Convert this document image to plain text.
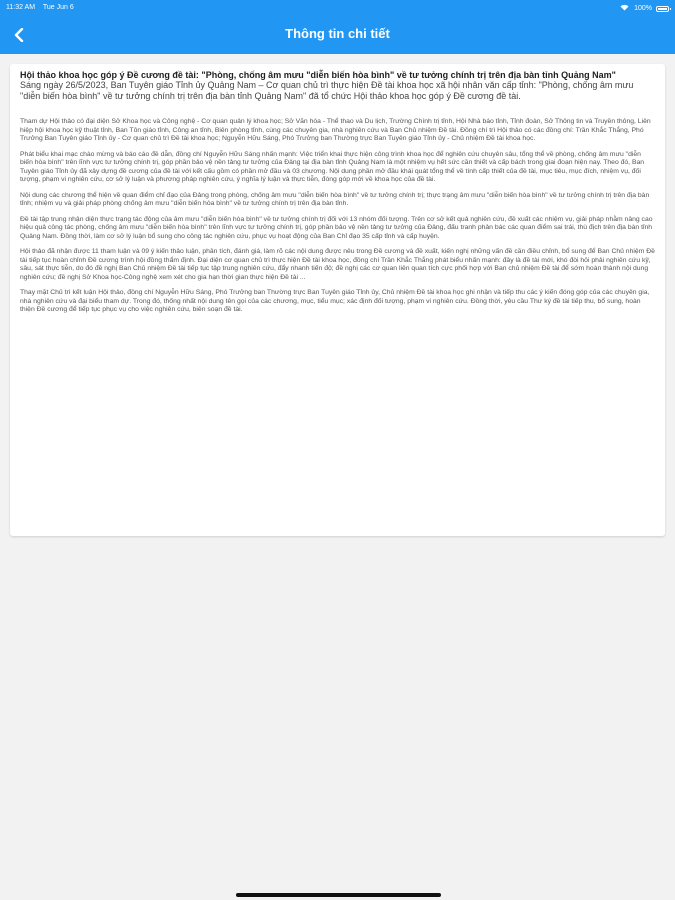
11:32 AM Tue Jun 6	100%
Thông tin chi tiết
Hội thảo khoa học góp ý Đề cương đề tài: "Phòng, chống âm mưu "diễn biến hòa bình" về tư tưởng chính trị trên địa bàn tỉnh Quảng Nam"

Sáng ngày 26/5/2023, Ban Tuyên giáo Tỉnh ủy Quảng Nam – Cơ quan chủ trì thực hiện Đề tài khoa học xã hội nhân văn cấp tỉnh: "Phòng, chống âm mưu "diễn biến hòa bình" về tư tưởng chính trị trên địa bàn tỉnh Quảng Nam" đã tổ chức Hội thảo khoa học góp ý Đề cương đề tài.

Tham dự Hội thảo có đại diện Sở Khoa học và Công nghệ - Cơ quan quản lý khoa học; Sở Văn hóa - Thể thao và Du lịch, Trường Chính trị tỉnh, Hội Nhà báo tỉnh, Tỉnh đoàn, Sở Thông tin và Truyền thông, Liên hiệp hội khoa học kỹ thuật tỉnh, Ban Tôn giáo tỉnh, Công an tỉnh, Biên phòng tỉnh, cùng các chuyên gia, nhà nghiên cứu và Ban Chủ nhiệm Đề tài. Đồng chí trì Hội thảo có các đồng chí: Trần Khắc Thắng, Phó Trưởng Ban Tuyên giáo Tỉnh ủy - Cơ quan chủ trì Đề tài khoa học; Nguyễn Hữu Sáng, Phó Trưởng ban Thường trực Ban Tuyên giáo Tỉnh ủy - Chủ nhiệm Đề tài khoa học.

Phát biểu khai mạc chào mừng và báo cáo đề dẫn, đồng chí Nguyễn Hữu Sáng nhấn mạnh: Việc triển khai thực hiện công trình khoa học để nghiên cứu chuyên sâu, tổng thể về phòng, chống âm mưu "diễn biến hòa bình" trên lĩnh vực tư tưởng chính trị, góp phần bảo vệ nền tảng tư tưởng của Đảng tại địa bàn tỉnh Quảng Nam là một nhiệm vụ hết sức cần thiết và cấp bách trong giai đoạn hiện nay. Theo đó, Ban Tuyên giáo Tỉnh ủy đã xây dựng đề cương của đề tài với kết cấu gồm có phần mở đầu và 03 chương. Nội dung phần mở đầu khái quát tổng thể về tính cấp thiết của đề tài, mục tiêu, mục đích, nhiệm vụ, đối tượng, phạm vi nghiên cứu, cơ sở lý luận và phương pháp nghiên cứu, ý nghĩa lý luận và thực tiễn, đóng góp mới về khoa học của đề tài.

Nội dung các chương thể hiện về quan điểm chỉ đạo của Đảng trong phòng, chống âm mưu "diễn biến hòa bình" về tư tưởng chính trị; thực trạng âm mưu "diễn biến hòa bình" về tư tưởng chính trị trên địa bàn tỉnh; nhiệm vụ và giải pháp phòng chống âm mưu "diễn biến hòa bình" về tư tưởng chính trị trên địa bàn tỉnh.

Đề tài tập trung nhận diện thực trạng tác động của âm mưu "diễn biến hòa bình" về tư tưởng chính trị đối với 13 nhóm đối tượng. Trên cơ sở kết quả nghiên cứu, đề xuất các nhiệm vụ, giải pháp nhằm nâng cao hiệu quả công tác phòng, chống âm mưu "diễn biến hòa bình" trên lĩnh vực tư tưởng chính trị, góp phần bảo vệ nền tảng tư tưởng của Đảng, đấu tranh phản bác các quan điểm sai trái, thù địch trên địa bàn tỉnh Quảng Nam. Đồng thời, làm cơ sở lý luận bổ sung cho công tác nghiên cứu, phục vụ hoạt động của Ban Chỉ đạo 35 cấp tỉnh và cấp huyện.

Hội thảo đã nhận được 11 tham luận và 09 ý kiến thảo luận, phân tích, đánh giá, làm rõ các nội dung được nêu trong Đề cương và đề xuất, kiến nghị những vấn đề cần điều chỉnh, bổ sung để Ban Chủ nhiệm Đề tài tiếp tục hoàn chỉnh Đề cương trình hội đồng thẩm định. Đại diện cơ quan chủ trì thực hiện Đề tài khoa học, đồng chí Trần Khắc Thắng phát biểu nhấn mạnh: đây là đề tài mới, khó đòi hỏi phải nghiên cứu kỹ, sâu, sát thực tiễn, do đó đề nghị Ban Chủ nhiệm Đề tài tiếp tục tập trung nghiên cứu, đẩy nhanh tiến độ; đề nghị các cơ quan liên quan tích cực phối hợp với Ban chủ nhiệm Đề tài để sớm hoàn thành nội dung nghiên cứu; đề nghị Sở Khoa học-Công nghệ xem xét cho gia hạn thời gian thực hiện Đề tài ...

Thay mặt Chủ trì kết luận Hội thảo, đồng chí Nguyễn Hữu Sáng, Phó Trưởng ban Thường trực Ban Tuyên giáo Tỉnh ủy, Chủ nhiệm Đề tài khoa học ghi nhận và tiếp thu các ý kiến đóng góp của các chuyên gia, nhà nghiên cứu và đại biểu tham dự. Trong đó, thống nhất nội dung tên gọi của các chương, mục, tiểu mục; xác định đối tượng, phạm vi nghiên cứu. Đồng thời, yêu cầu Thư ký đề tài tiếp thu, bổ sung, hoàn thiện Đề cương để tiếp tục phục vụ cho việc nghiên cứu, biên soạn đề tài.
